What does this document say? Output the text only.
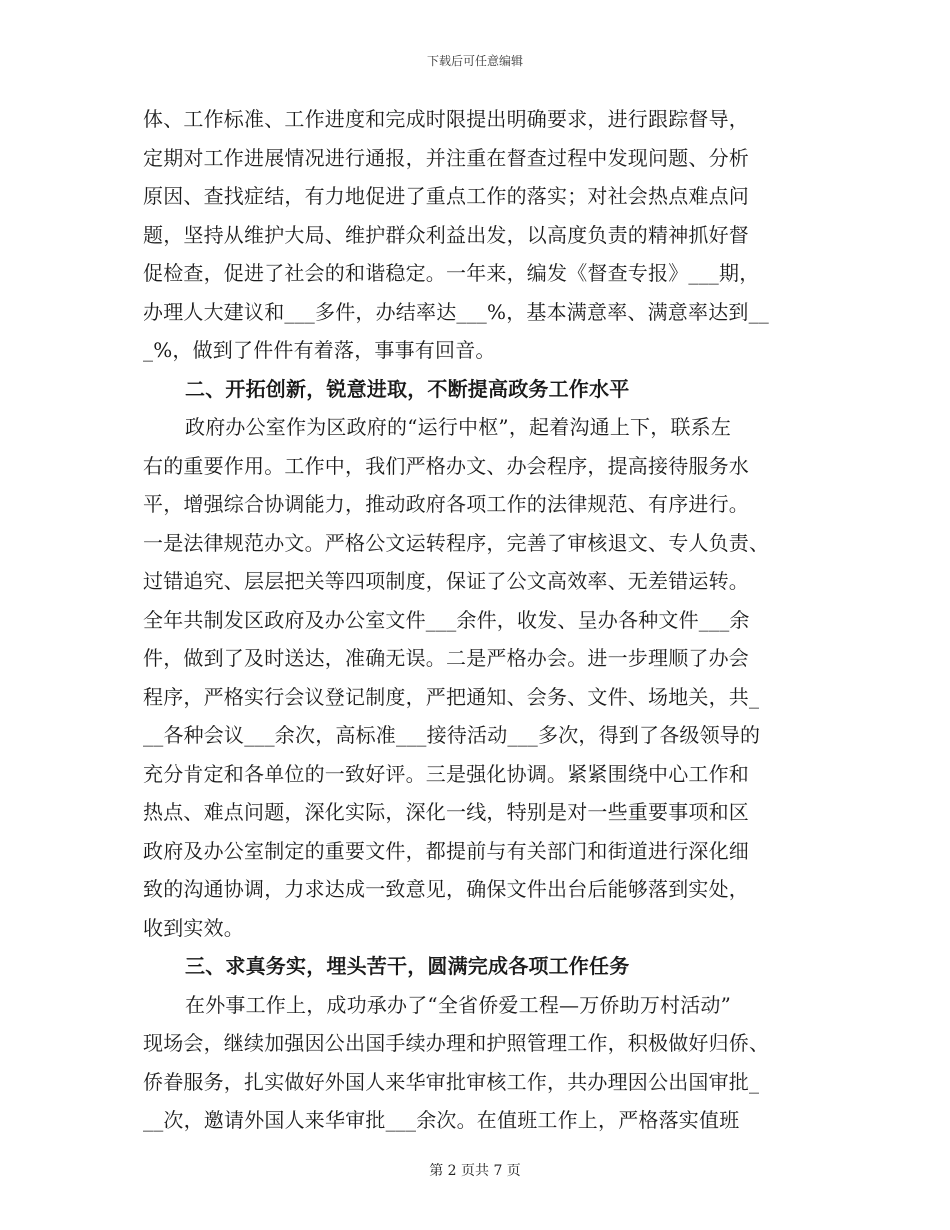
下载后可任意编辑
体、工作标准、工作进度和完成时限提出明确要求，进行跟踪督导，
定期对工作进展情况进行通报，并注重在督查过程中发现问题、分析
原因、查找症结，有力地促进了重点工作的落实；对社会热点难点问
题，坚持从维护大局、维护群众利益出发，以高度负责的精神抓好督
促检查，促进了社会的和谐稳定。一年来，编发《督查专报》___期，
办理人大建议和___多件，办结率达___%，基本满意率、满意率达到__
_%，做到了件件有着落，事事有回音。
二、开拓创新，锐意进取，不断提高政务工作水平
政府办公室作为区政府的“运行中枢”，起着沟通上下，联系左
右的重要作用。工作中，我们严格办文、办会程序，提高接待服务水
平，增强综合协调能力，推动政府各项工作的法律规范、有序进行。
一是法律规范办文。严格公文运转程序，完善了审核退文、专人负责、
过错追究、层层把关等四项制度，保证了公文高效率、无差错运转。
全年共制发区政府及办公室文件___余件，收发、呈办各种文件___余
件，做到了及时送达，准确无误。二是严格办会。进一步理顺了办会
程序，严格实行会议登记制度，严把通知、会务、文件、场地关，共_
__各种会议___余次，高标准___接待活动___多次，得到了各级领导的
充分肯定和各单位的一致好评。三是强化协调。紧紧围绕中心工作和
热点、难点问题，深化实际，深化一线，特别是对一些重要事项和区
政府及办公室制定的重要文件，都提前与有关部门和街道进行深化细
致的沟通协调，力求达成一致意见，确保文件出台后能够落到实处，
收到实效。
三、求真务实，埋头苦干，圆满完成各项工作任务
在外事工作上，成功承办了“全省侨爱工程—万侨助万村活动”
现场会，继续加强因公出国手续办理和护照管理工作，积极做好归侨、
侨眷服务，扎实做好外国人来华审批审核工作，共办理因公出国审批_
__次，邀请外国人来华审批___余次。在值班工作上，严格落实值班
第 2 页共 7 页
